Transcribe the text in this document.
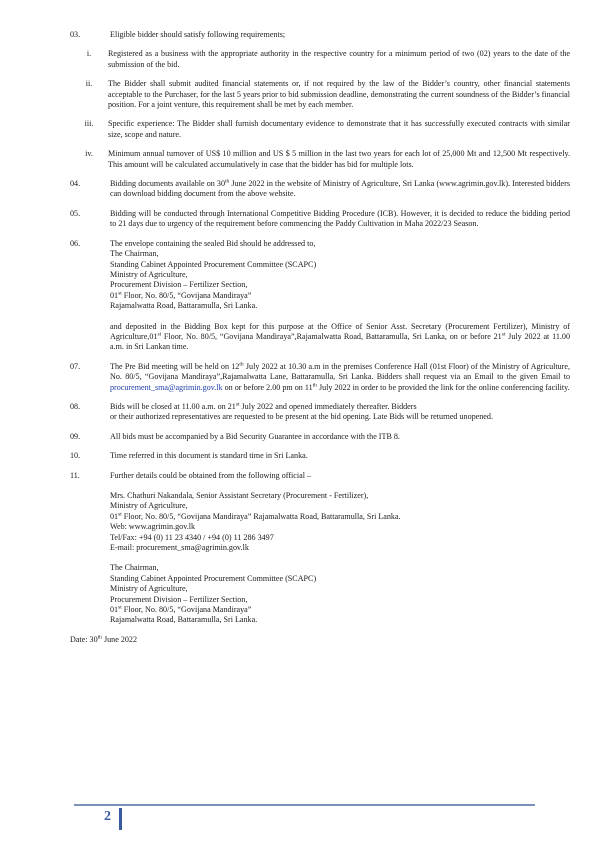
03.	Eligible bidder should satisfy following requirements;
i.	Registered as a business with the appropriate authority in the respective country for a minimum period of two (02) years to the date of the submission of the bid.
ii.	The Bidder shall submit audited financial statements or, if not required by the law of the Bidder’s country, other financial statements acceptable to the Purchaser, for the last 5 years prior to bid submission deadline, demonstrating the current soundness of the Bidder’s financial position. For a joint venture, this requirement shall be met by each member.
iii.	Specific experience: The Bidder shall furnish documentary evidence to demonstrate that it has successfully executed contracts with similar size, scope and nature.
iv.	Minimum annual turnover of US$ 10 million and US $ 5 million in the last two years for each lot of 25,000 Mt and 12,500 Mt respectively. This amount will be calculated accumulatively in case that the bidder has bid for multiple lots.
04.	Bidding documents available on 30th June 2022 in the website of Ministry of Agriculture, Sri Lanka (www.agrimin.gov.lk). Interested bidders can download bidding document from the above website.
05.	Bidding will be conducted through International Competitive Bidding Procedure (ICB). However, it is decided to reduce the bidding period to 21 days due to urgency of the requirement before commencing the Paddy Cultivation in Maha 2022/23 Season.
06.	The envelope containing the sealed Bid should be addressed to,

The Chairman,

Standing Cabinet Appointed Procurement Committee (SCAPC)

Ministry of Agriculture,

Procurement Division – Fertilizer Section,

01st Floor, No. 80/5, “Govijana Mandiraya”

Rajamalwatta Road, Battaramulla, Sri Lanka.

and deposited in the Bidding Box kept for this purpose at the Office of Senior Asst. Secretary (Procurement Fertilizer), Ministry of Agriculture,01st Floor, No. 80/5, “Govijana Mandiraya”,Rajamalwatta Road, Battaramulla, Sri Lanka, on or before 21st July 2022 at 11.00 a.m. in Sri Lankan time.

07.	The Pre Bid meeting will be held on 12th July 2022 at 10.30 a.m in the premises Conference Hall (01st Floor) of the Ministry of Agriculture, No. 80/5, “Govijana Mandiraya”,Rajamalwatta Lane, Battaramulla, Sri Lanka. Bidders shall request via an Email to the given Email to procurement_sma@agrimin.gov.lk on or before 2.00 pm on 11th July 2022 in order to be provided the link for the online conferencing facility.
08.	Bids will be closed at 11.00 a.m. on 21st July 2022 and opened immediately thereafter. Bidders

or their authorized representatives are requested to be present at the bid opening. Late Bids will be returned unopened.

09.	All bids must be accompanied by a Bid Security Guarantee in accordance with the ITB 8.
10.	Time referred in this document is standard time in Sri Lanka.
11.	Further details could be obtained from the following official –

Mrs. Chathuri Nakandala, Senior Assistant Secretary (Procurement - Fertilizer),

Ministry of Agriculture,

01st Floor, No. 80/5, “Govijana Mandiraya” Rajamalwatta Road, Battaramulla, Sri Lanka.

Web: www.agrimin.gov.lk

Tel/Fax: +94 (0) 11 23 4340 / +94 (0) 11 286 3497

E-mail: procurement_sma@agrimin.gov.lk

The Chairman,

Standing Cabinet Appointed Procurement Committee (SCAPC)

Ministry of Agriculture,

Procurement Division – Fertilizer Section,

01st Floor, No. 80/5, “Govijana Mandiraya”

Rajamalwatta Road, Battaramulla, Sri Lanka.

Date: 30th June 2022
2
